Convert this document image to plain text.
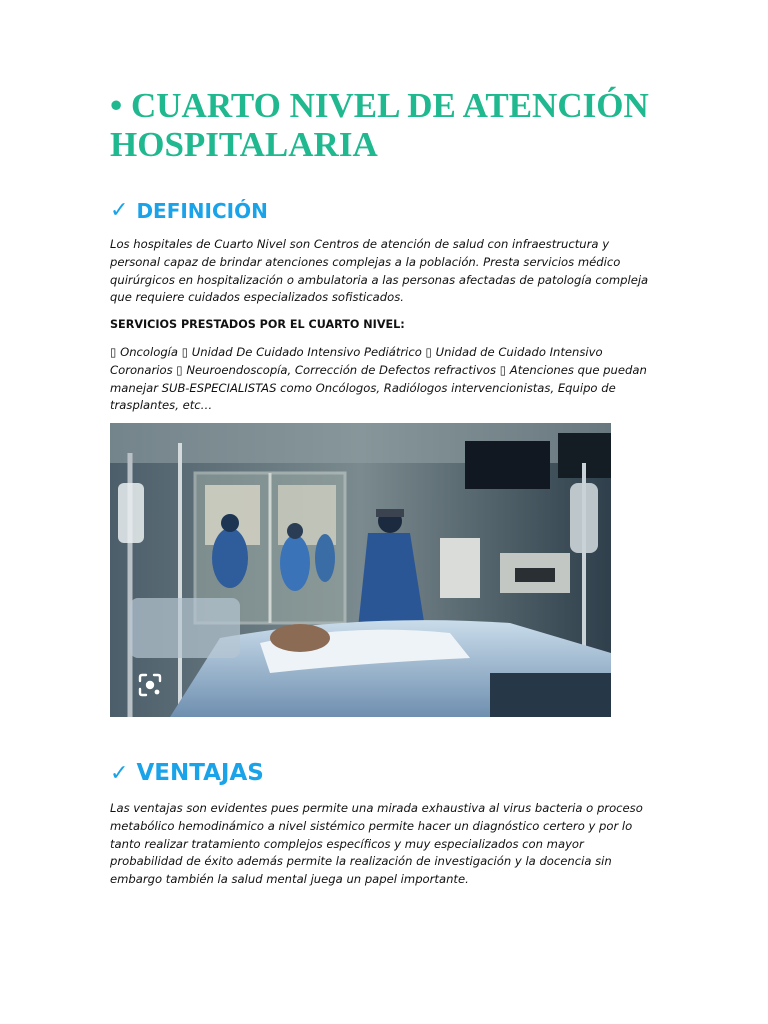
• CUARTO NIVEL DE ATENCIÓN HOSPITALARIA
✓ DEFINICIÓN

Los hospitales de Cuarto Nivel son Centros de atención de salud con infraestructura y personal capaz de brindar atenciones complejas a la población. Presta servicios médico quirúrgicos en hospitalización o ambulatoria a las personas afectadas de patología compleja que requiere cuidados especializados sofisticados.

SERVICIOS PRESTADOS POR EL CUARTO NIVEL:

▯ Oncología ▯ Unidad De Cuidado Intensivo Pediátrico ▯ Unidad de Cuidado Intensivo Coronarios ▯ Neuroendoscopía, Corrección de Defectos refractivos ▯ Atenciones que puedan manejar SUB-ESPECIALISTAS como Oncólogos, Radiólogos intervencionistas, Equipo de trasplantes, etc…

✓ VENTAJAS

Las ventajas son evidentes pues permite una mirada exhaustiva al virus bacteria o proceso metabólico hemodinámico a nivel sistémico permite hacer un diagnóstico certero y por lo tanto realizar tratamiento complejos específicos y muy especializados con mayor probabilidad de éxito además permite la realización de investigación y la docencia sin embargo también la salud mental juega un papel importante.
